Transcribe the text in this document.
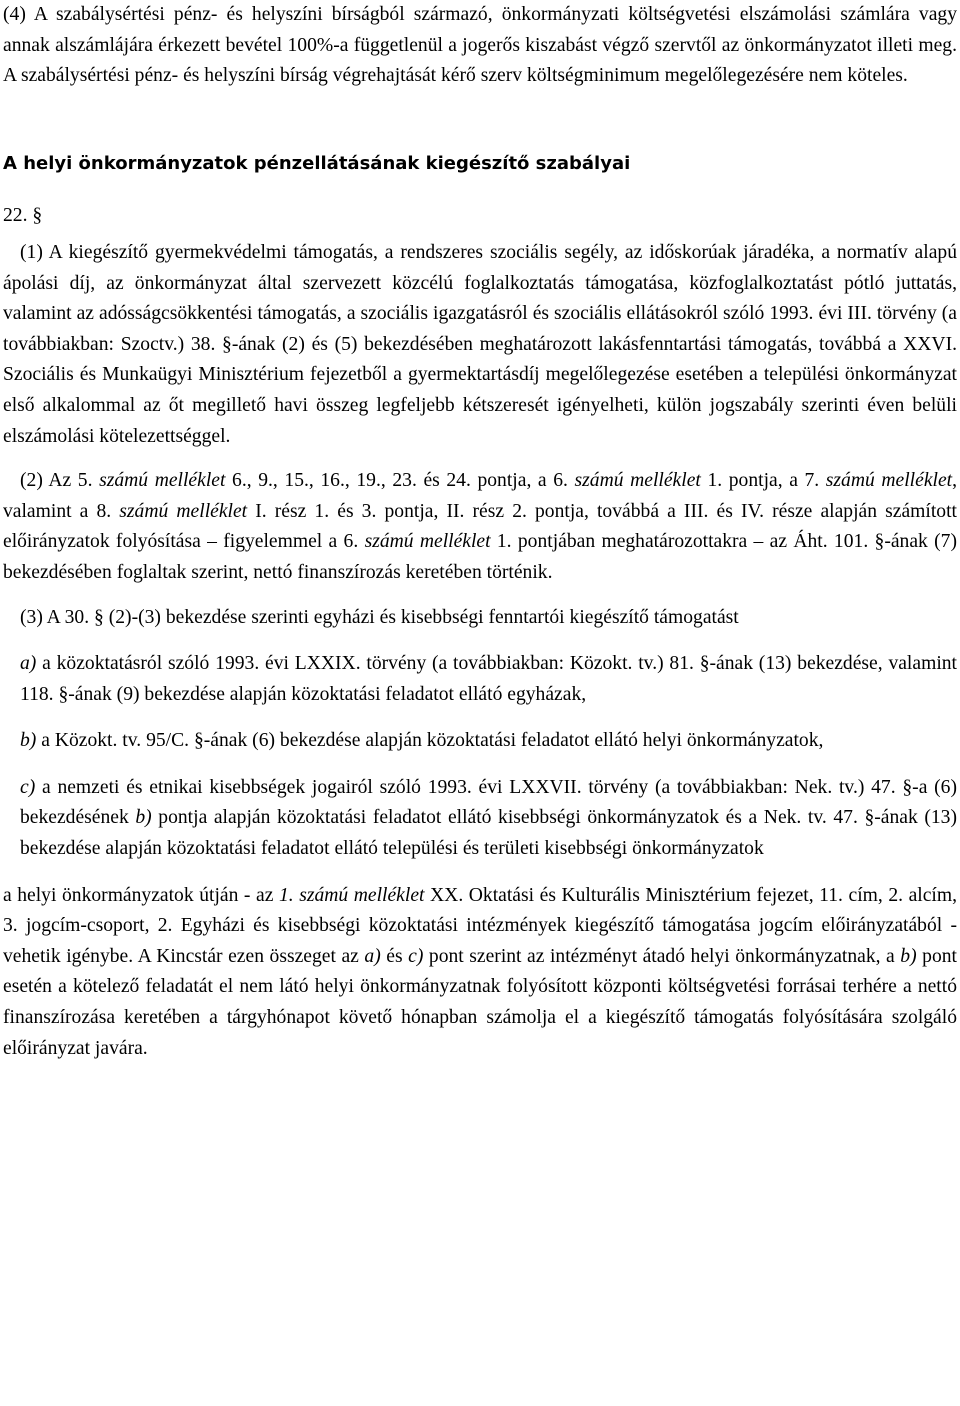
(4) A szabálysértési pénz- és helyszíni bírságból származó, önkormányzati költségvetési elszámolási számlára vagy annak alszámlájára érkezett bevétel 100%-a függetlenül a jogerős kiszabást végző szervtől az önkormányzatot illeti meg. A szabálysértési pénz- és helyszíni bírság végrehajtását kérő szerv költségminimum megelőlegezésére nem köteles.

A helyi önkormányzatok pénzellátásának kiegészítő szabályai

22. §

(1) A kiegészítő gyermekvédelmi támogatás, a rendszeres szociális segély, az időskorúak járadéka, a normatív alapú ápolási díj, az önkormányzat által szervezett közcélú foglalkoztatás támogatása, közfoglalkoztatást pótló juttatás, valamint az adósságcsökkentési támogatás, a szociális igazgatásról és szociális ellátásokról szóló 1993. évi III. törvény (a továbbiakban: Szoctv.) 38. §-ának (2) és (5) bekezdésében meghatározott lakásfenntartási támogatás, továbbá a XXVI. Szociális és Munkaügyi Minisztérium fejezetből a gyermektartásdíj megelőlegezése esetében a települési önkormányzat első alkalommal az őt megillető havi összeg legfeljebb kétszeresét igényelheti, külön jogszabály szerinti éven belüli elszámolási kötelezettséggel.

(2) Az 5. számú melléklet 6., 9., 15., 16., 19., 23. és 24. pontja, a 6. számú melléklet 1. pontja, a 7. számú melléklet, valamint a 8. számú melléklet I. rész 1. és 3. pontja, II. rész 2. pontja, továbbá a III. és IV. része alapján számított előirányzatok folyósítása – figyelemmel a 6. számú melléklet 1. pontjában meghatározottakra – az Áht. 101. §-ának (7) bekezdésében foglaltak szerint, nettó finanszírozás keretében történik.

(3) A 30. § (2)-(3) bekezdése szerinti egyházi és kisebbségi fenntartói kiegészítő támogatást

a) a közoktatásról szóló 1993. évi LXXIX. törvény (a továbbiakban: Közokt. tv.) 81. §-ának (13) bekezdése, valamint 118. §-ának (9) bekezdése alapján közoktatási feladatot ellátó egyházak,

b) a Közokt. tv. 95/C. §-ának (6) bekezdése alapján közoktatási feladatot ellátó helyi önkormányzatok,

c) a nemzeti és etnikai kisebbségek jogairól szóló 1993. évi LXXVII. törvény (a továbbiakban: Nek. tv.) 47. §-a (6) bekezdésének b) pontja alapján közoktatási feladatot ellátó kisebbségi önkormányzatok és a Nek. tv. 47. §-ának (13) bekezdése alapján közoktatási feladatot ellátó települési és területi kisebbségi önkormányzatok

a helyi önkormányzatok útján - az 1. számú melléklet XX. Oktatási és Kulturális Minisztérium fejezet, 11. cím, 2. alcím, 3. jogcím-csoport, 2. Egyházi és kisebbségi közoktatási intézmények kiegészítő támogatása jogcím előirányzatából - vehetik igénybe. A Kincstár ezen összeget az a) és c) pont szerint az intézményt átadó helyi önkormányzatnak, a b) pont esetén a kötelező feladatát el nem látó helyi önkormányzatnak folyósított központi költségvetési forrásai terhére a nettó finanszírozása keretében a tárgyhónapot követő hónapban számolja el a kiegészítő támogatás folyósítására szolgáló előirányzat javára.
